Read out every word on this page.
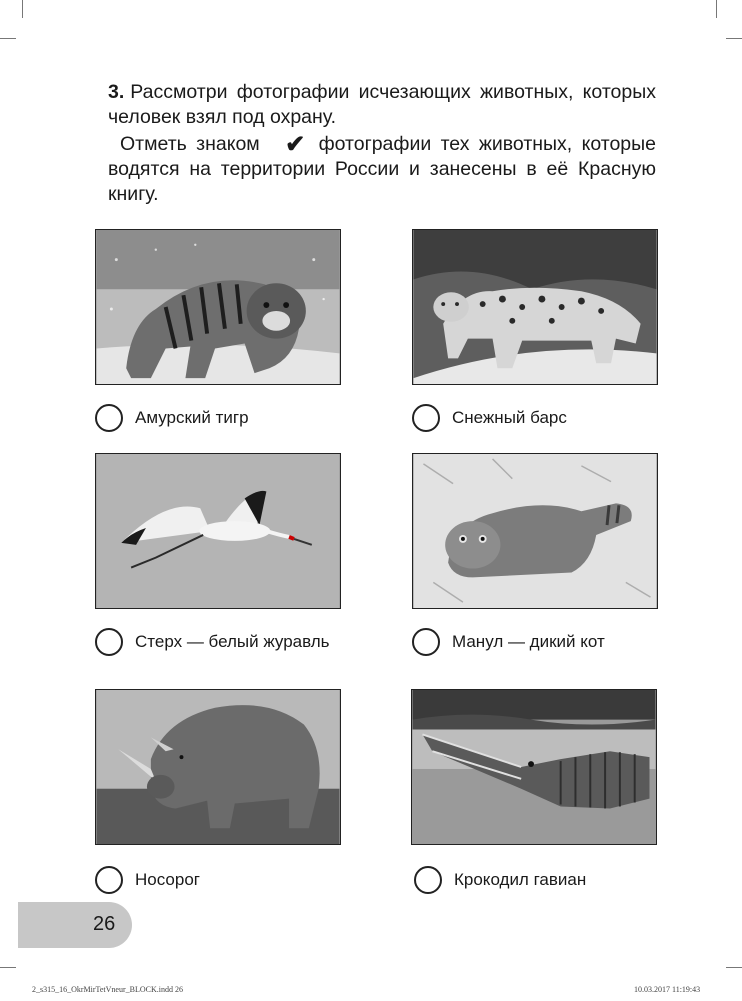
3. Рассмотри фотографии исчезающих животных, которых человек взял под охрану.

Отметь знаком ✔ фотографии тех животных, которые водятся на территории России и занесены в её Красную книгу.

Амурский тигр	Снежный барс
Стерх — белый журавль	Манул — дикий кот
Носорог	Крокодил гавиан
26
2_s315_16_OkrMirTetVneur_BLOCK.indd 26	10.03.2017 11:19:43
